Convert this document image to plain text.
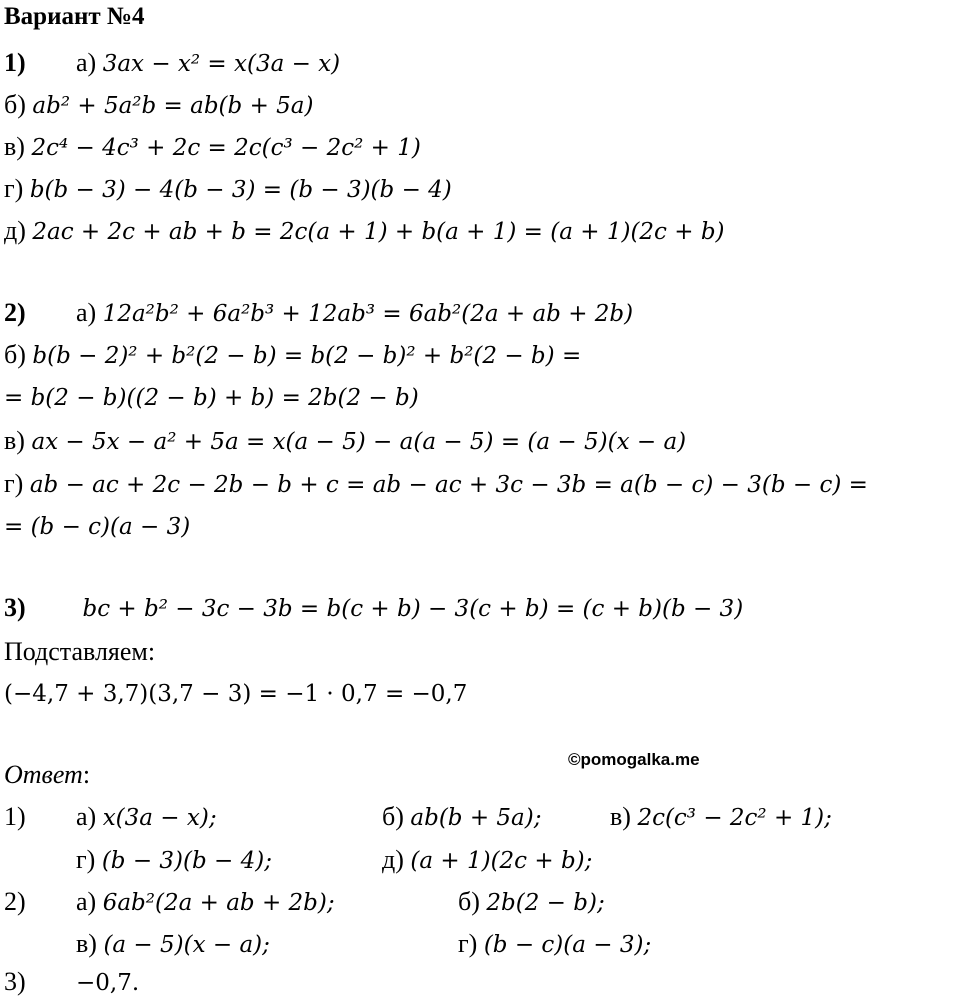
Вариант №4
1) а) 3ax − x² = x(3a − x)
б) ab² + 5a²b = ab(b + 5a)
в) 2c⁴ − 4c³ + 2c = 2c(c³ − 2c² + 1)
г) b(b − 3) − 4(b − 3) = (b − 3)(b − 4)
д) 2ac + 2c + ab + b = 2c(a + 1) + b(a + 1) = (a + 1)(2c + b)
2) а) 12a²b² + 6a²b³ + 12ab³ = 6ab²(2a + ab + 2b)
б) b(b − 2)² + b²(2 − b) = b(2 − b)² + b²(2 − b) =
= b(2 − b)((2 − b) + b) = 2b(2 − b)
в) ax − 5x − a² + 5a = x(a − 5) − a(a − 5) = (a − 5)(x − a)
г) ab − ac + 2c − 2b − b + c = ab − ac + 3c − 3b = a(b − c) − 3(b − c) =
= (b − c)(a − 3)
3) bc + b² − 3c − 3b = b(c + b) − 3(c + b) = (c + b)(b − 3)
Подставляем:
(−4,7 + 3,7)(3,7 − 3) = −1 · 0,7 = −0,7
©pomogalka.me
Ответ:
1) а) x(3a − x);	б) ab(b + 5a);	в) 2c(c³ − 2c² + 1);
г) (b − 3)(b − 4);	д) (a + 1)(2c + b);
2) а) 6ab²(2a + ab + 2b);	б) 2b(2 − b);
в) (a − 5)(x − a);	г) (b − c)(a − 3);
3) −0,7.
